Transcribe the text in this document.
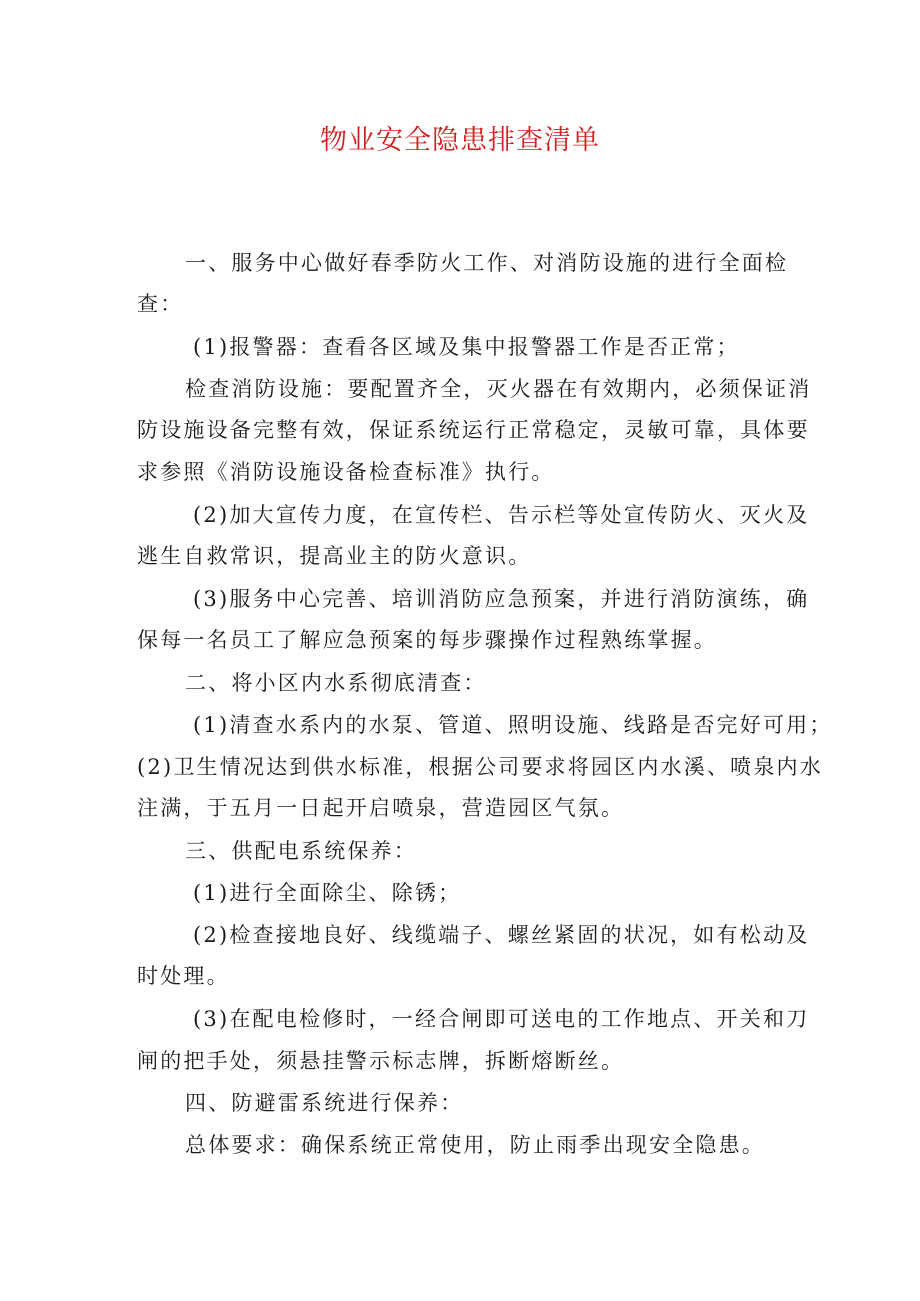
物业安全隐患排查清单
一、服务中心做好春季防火工作、对消防设施的进行全面检
查：
(1)报警器：查看各区域及集中报警器工作是否正常；
检查消防设施：要配置齐全，灭火器在有效期内，必须保证消
防设施设备完整有效，保证系统运行正常稳定，灵敏可靠，具体要
求参照《消防设施设备检查标准》执行。
(2)加大宣传力度，在宣传栏、告示栏等处宣传防火、灭火及
逃生自救常识，提高业主的防火意识。
(3)服务中心完善、培训消防应急预案，并进行消防演练，确
保每一名员工了解应急预案的每步骤操作过程熟练掌握。
二、将小区内水系彻底清查：
(1)清查水系内的水泵、管道、照明设施、线路是否完好可用；
(2)卫生情况达到供水标准，根据公司要求将园区内水溪、喷泉内水
注满，于五月一日起开启喷泉，营造园区气氛。
三、供配电系统保养：
(1)进行全面除尘、除锈；
(2)检查接地良好、线缆端子、螺丝紧固的状况，如有松动及
时处理。
(3)在配电检修时，一经合闸即可送电的工作地点、开关和刀
闸的把手处，须悬挂警示标志牌，拆断熔断丝。
四、防避雷系统进行保养：
总体要求：确保系统正常使用，防止雨季出现安全隐患。
